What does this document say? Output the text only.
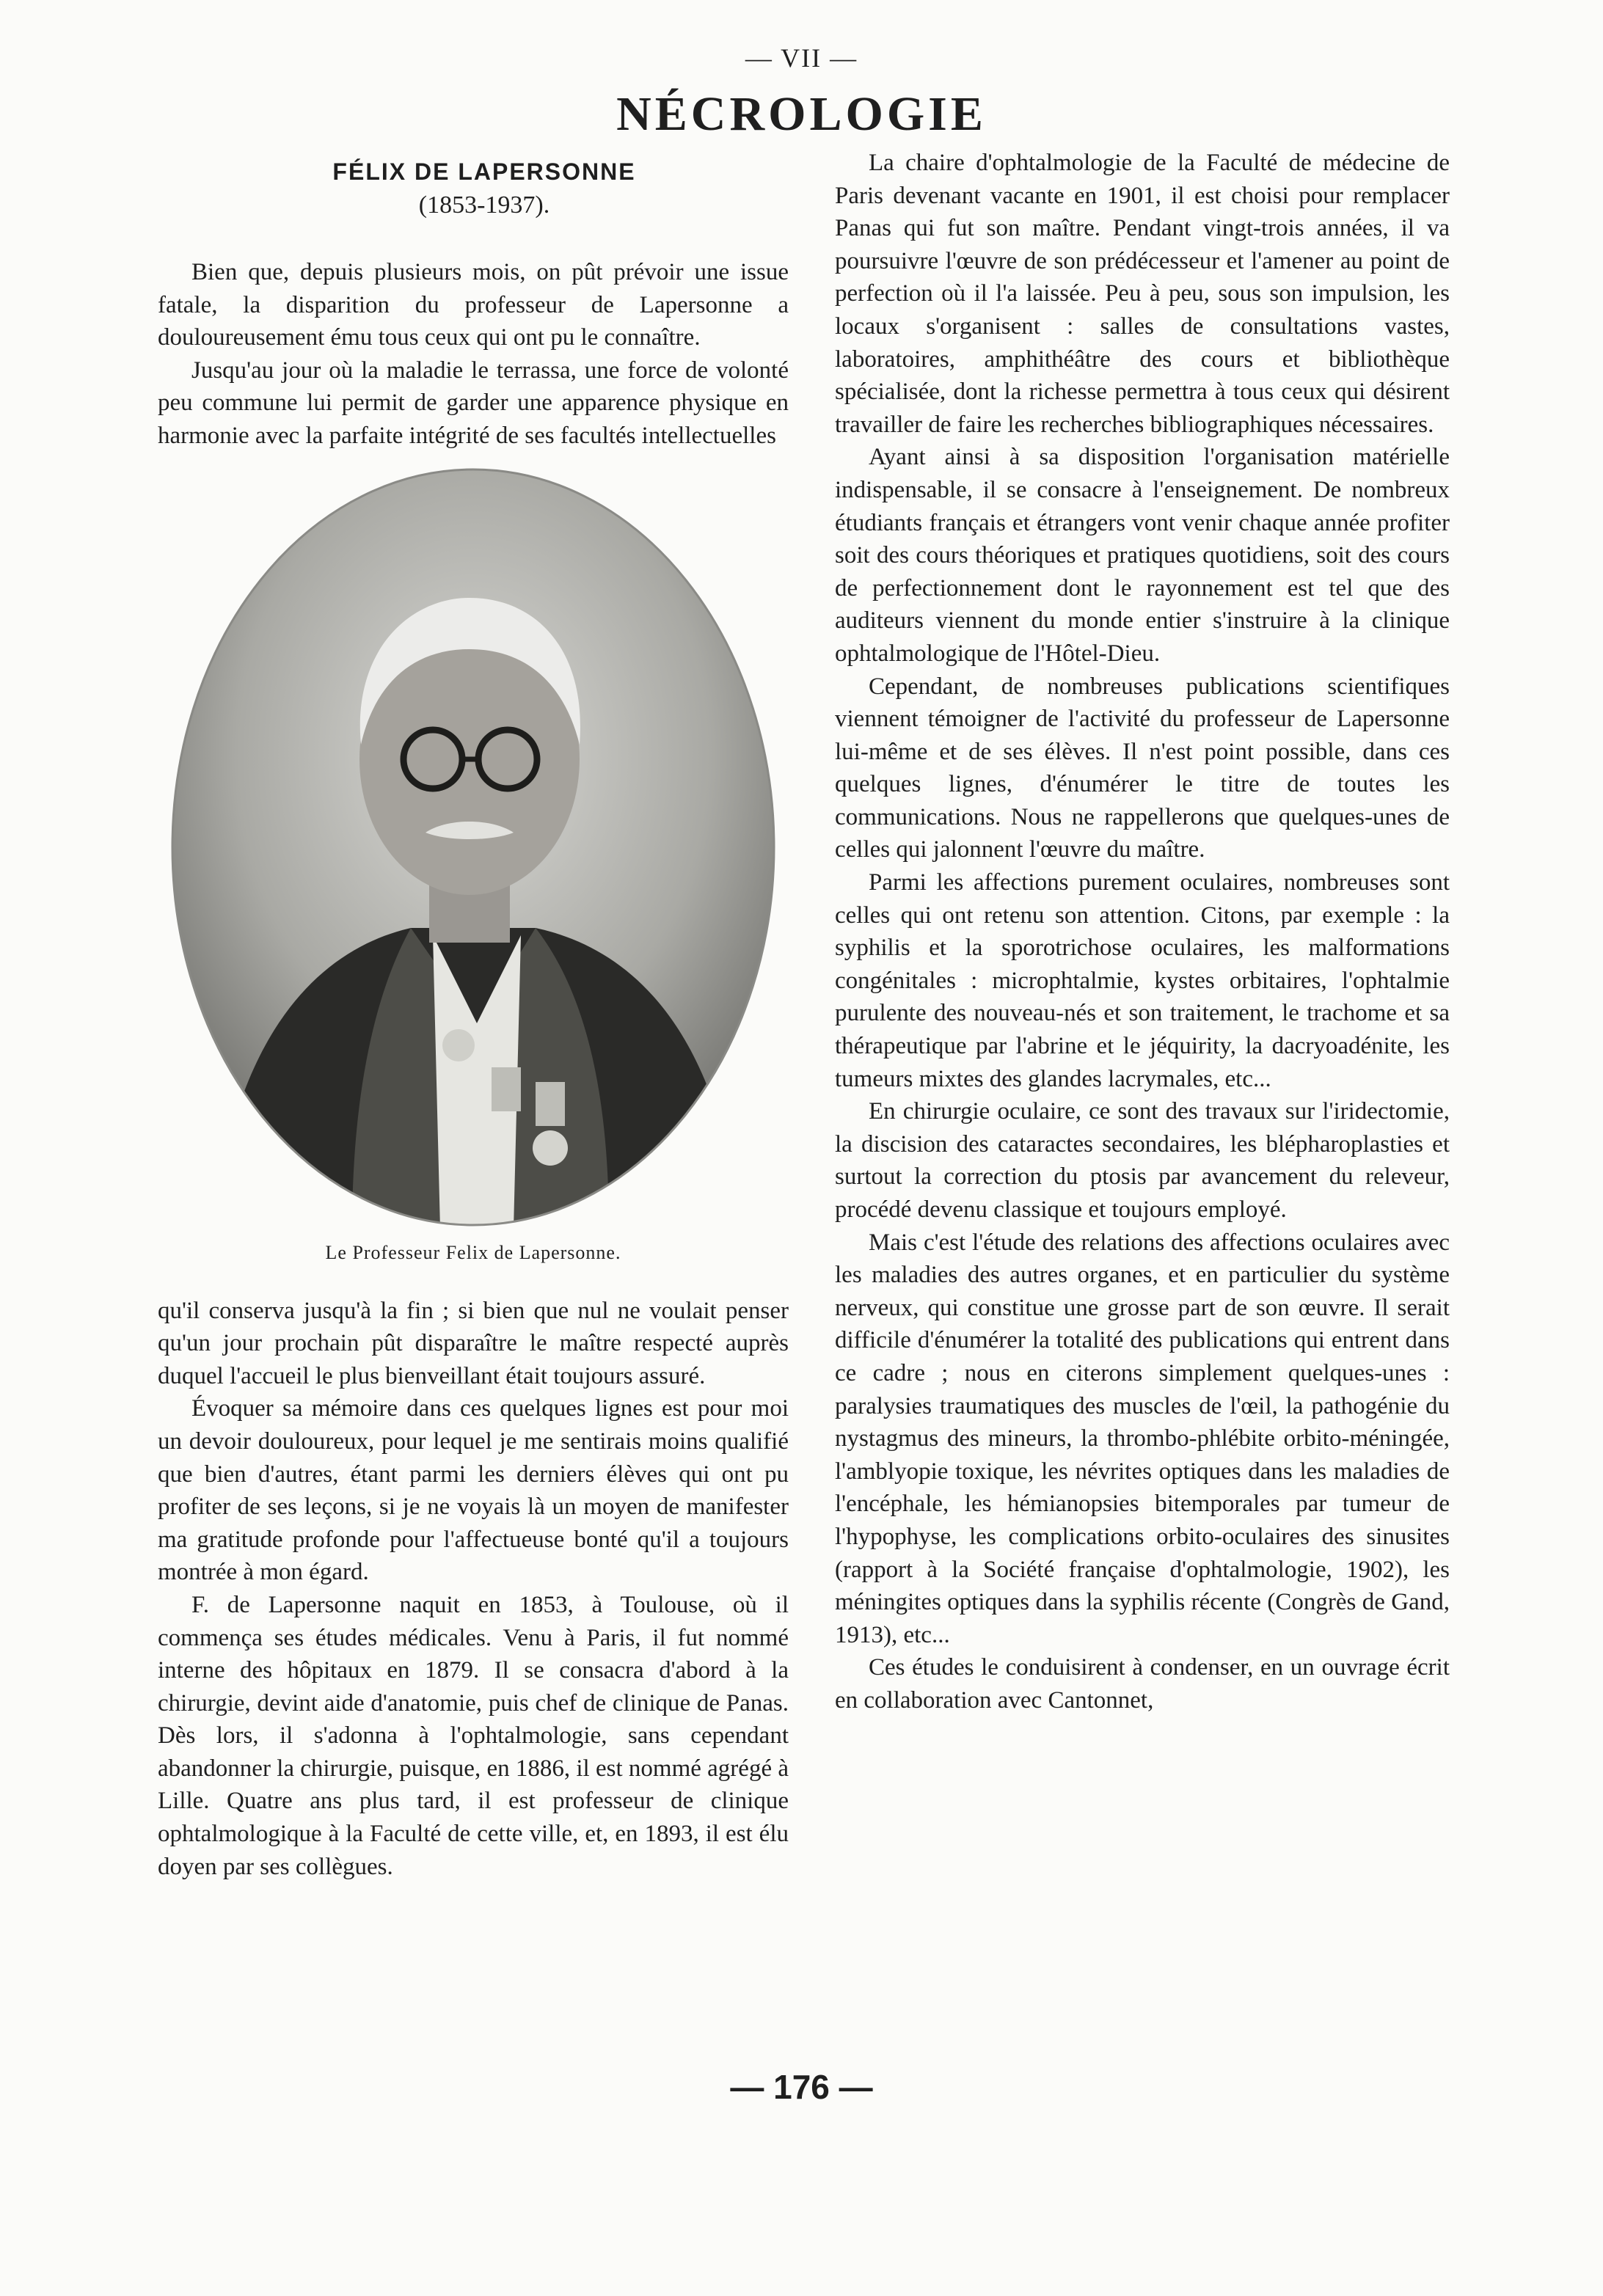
— VII —
NÉCROLOGIE
FÉLIX DE LAPERSONNE
(1853-1937).

Bien que, depuis plusieurs mois, on pût prévoir une issue fatale, la disparition du professeur de Lapersonne a douloureusement ému tous ceux qui ont pu le connaître.

Jusqu'au jour où la maladie le terrassa, une force de volonté peu commune lui permit de garder une apparence physique en harmonie avec la parfaite intégrité de ses facultés intellectuelles

Le Professeur Felix de Lapersonne.

qu'il conserva jusqu'à la fin ; si bien que nul ne voulait penser qu'un jour prochain pût disparaître le maître respecté auprès duquel l'accueil le plus bienveillant était toujours assuré.

Évoquer sa mémoire dans ces quelques lignes est pour moi un devoir douloureux, pour lequel je me sentirais moins qualifié que bien d'autres, étant parmi les derniers élèves qui ont pu profiter de ses leçons, si je ne voyais là un moyen de manifester ma gratitude profonde pour l'affectueuse bonté qu'il a toujours montrée à mon égard.

F. de Lapersonne naquit en 1853, à Toulouse, où il commença ses études médicales. Venu à Paris, il fut nommé interne des hôpitaux en 1879. Il se consacra d'abord à la chirurgie, devint aide d'anatomie, puis chef de clinique de Panas. Dès lors, il s'adonna à l'ophtalmologie, sans cependant abandonner la chirurgie, puisque, en 1886, il est nommé agrégé à Lille. Quatre ans plus tard, il est professeur de clinique ophtalmologique à la Faculté de cette ville, et, en 1893, il est élu doyen par ses collègues.

La chaire d'ophtalmologie de la Faculté de médecine de Paris devenant vacante en 1901, il est choisi pour remplacer Panas qui fut son maître. Pendant vingt-trois années, il va poursuivre l'œuvre de son prédécesseur et l'amener au point de perfection où il l'a laissée. Peu à peu, sous son impulsion, les locaux s'organisent : salles de consultations vastes, laboratoires, amphithéâtre des cours et bibliothèque spécialisée, dont la richesse permettra à tous ceux qui désirent travailler de faire les recherches bibliographiques nécessaires.

Ayant ainsi à sa disposition l'organisation matérielle indispensable, il se consacre à l'enseignement. De nombreux étudiants français et étrangers vont venir chaque année profiter soit des cours théoriques et pratiques quotidiens, soit des cours de perfectionnement dont le rayonnement est tel que des auditeurs viennent du monde entier s'instruire à la clinique ophtalmologique de l'Hôtel-Dieu.

Cependant, de nombreuses publications scientifiques viennent témoigner de l'activité du professeur de Lapersonne lui-même et de ses élèves. Il n'est point possible, dans ces quelques lignes, d'énumérer le titre de toutes les communications. Nous ne rappellerons que quelques-unes de celles qui jalonnent l'œuvre du maître.

Parmi les affections purement oculaires, nombreuses sont celles qui ont retenu son attention. Citons, par exemple : la syphilis et la sporotrichose oculaires, les malformations congénitales : microphtalmie, kystes orbitaires, l'ophtalmie purulente des nouveau-nés et son traitement, le trachome et sa thérapeutique par l'abrine et le jéquirity, la dacryoadénite, les tumeurs mixtes des glandes lacrymales, etc...

En chirurgie oculaire, ce sont des travaux sur l'iridectomie, la discision des cataractes secondaires, les blépharoplasties et surtout la correction du ptosis par avancement du releveur, procédé devenu classique et toujours employé.

Mais c'est l'étude des relations des affections oculaires avec les maladies des autres organes, et en particulier du système nerveux, qui constitue une grosse part de son œuvre. Il serait difficile d'énumérer la totalité des publications qui entrent dans ce cadre ; nous en citerons simplement quelques-unes : paralysies traumatiques des muscles de l'œil, la pathogénie du nystagmus des mineurs, la thrombo-phlébite orbito-méningée, l'amblyopie toxique, les névrites optiques dans les maladies de l'encéphale, les hémianopsies bitemporales par tumeur de l'hypophyse, les complications orbito-oculaires des sinusites (rapport à la Société française d'ophtalmologie, 1902), les méningites optiques dans la syphilis récente (Congrès de Gand, 1913), etc...

Ces études le conduisirent à condenser, en un ouvrage écrit en collaboration avec Cantonnet,

— 176 —
